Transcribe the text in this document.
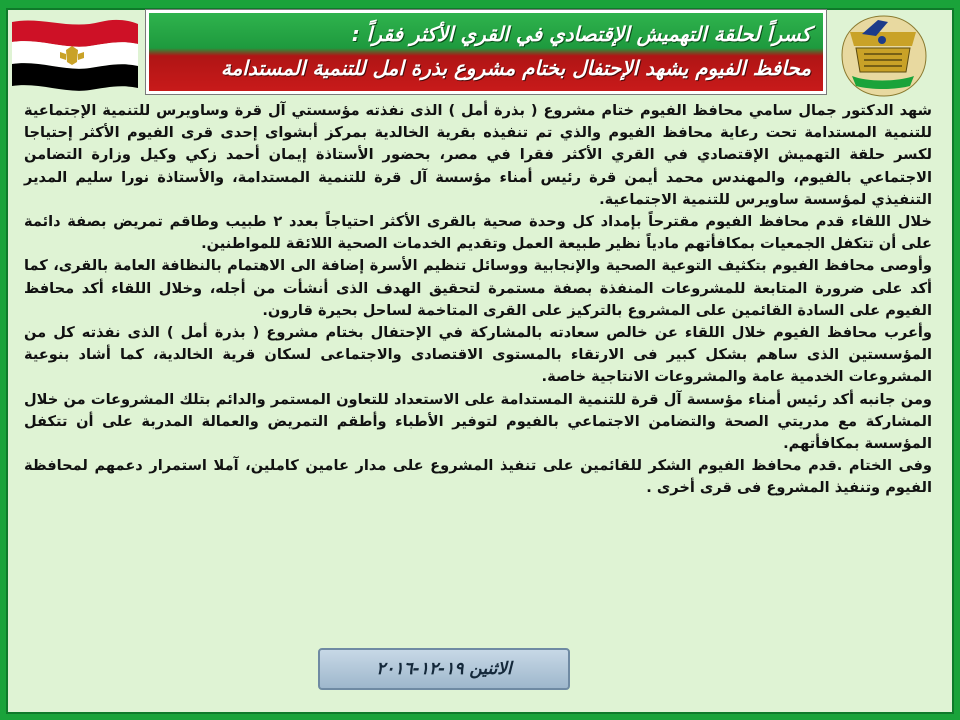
كسراً لحلقة التهميش الإقتصادي في القري الأكثر فقراً :
محافظ الفيوم يشهد الإحتفال بختام مشروع بذرة امل للتنمية المستدامة

شهد الدكتور جمال سامي محافظ الفيوم ختام مشروع ( بذرة أمل ) الذى نفذته مؤسستي آل قرة وساويرس للتنمية الإجتماعية للتنمية المستدامة تحت رعاية محافظ الفيوم والذي تم تنفيذه بقرية الخالدية بمركز أبشواى إحدى قرى الفيوم الأكثر إحتياجا لكسر حلقة التهميش الإقتصادي في القري الأكثر فقرا في مصر، بحضور الأستاذة إيمان أحمد زكي وكيل وزارة التضامن الاجتماعي بالفيوم، والمهندس محمد أيمن قرة رئيس أمناء مؤسسة آل قرة للتنمية المستدامة، والأستاذة نورا سليم المدير التنفيذي لمؤسسة ساويرس للتنمية الاجتماعية.

خلال اللقاء قدم محافظ الفيوم مقترحاً بإمداد كل وحدة صحية بالقرى الأكثر احتياجاً بعدد ٢ طبيب وطاقم تمريض بصفة دائمة على أن تتكفل الجمعيات بمكافأتهم مادياً نظير طبيعة العمل وتقديم الخدمات الصحية اللائقة للمواطنين.

وأوصى محافظ الفيوم بتكثيف التوعية الصحية والإنجابية ووسائل تنظيم الأسرة إضافة الى الاهتمام بالنظافة العامة بالقرى، كما أكد على ضرورة المتابعة للمشروعات المنفذة بصفة مستمرة لتحقيق الهدف الذى أنشأت من أجله، وخلال اللقاء أكد محافظ الفيوم على السادة القائمين على المشروع بالتركيز على القرى المتاخمة لساحل بحيرة قارون.

وأعرب محافظ الفيوم خلال اللقاء عن خالص سعادته بالمشاركة في الإحتفال بختام مشروع ( بذرة أمل ) الذى نفذته كل من المؤسستين الذى ساهم بشكل كبير فى الارتقاء بالمستوى الاقتصادى والاجتماعى لسكان قرية الخالدية، كما أشاد بنوعية المشروعات الخدمية عامة والمشروعات الانتاجية خاصة.

ومن جانبه أكد رئيس أمناء مؤسسة آل قرة للتنمية المستدامة على الاستعداد للتعاون المستمر والدائم بتلك المشروعات من خلال المشاركة مع مدريتي الصحة والتضامن الاجتماعي بالفيوم لتوفير الأطباء وأطقم التمريض والعمالة المدربة على أن تتكفل المؤسسة بمكافأتهم.

وفى الختام .قدم محافظ الفيوم الشكر للقائمين على تنفيذ المشروع على مدار عامين كاملين، آملا استمرار دعمهم لمحافظة الفيوم وتنفيذ المشروع فى قرى أخرى .

الاثنين ١٩-١٢-٢٠١٦
